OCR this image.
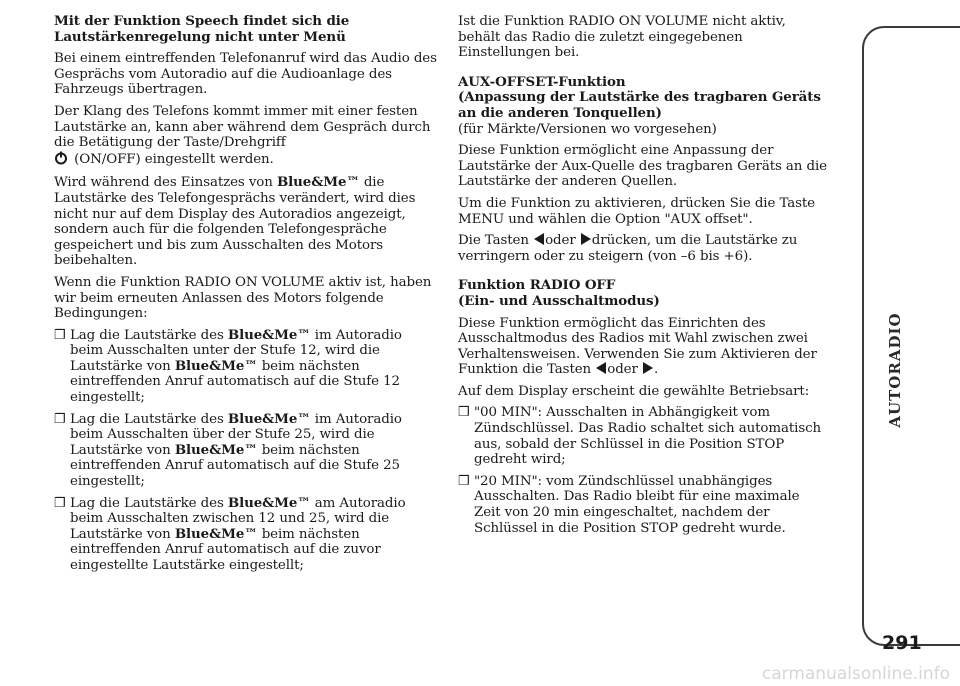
Mit der Funktion Speech findet sich die Lautstärkenregelung nicht unter Menü

Bei einem eintreffenden Telefonanruf wird das Audio des Gesprächs vom Autoradio auf die Audioanlage des Fahrzeugs übertragen.

Der Klang des Telefons kommt immer mit einer festen Lautstärke an, kann aber während dem Gespräch durch die Betätigung der Taste/Drehgriff
(ON/OFF) eingestellt werden.

Wird während des Einsatzes von Blue&Me™ die Lautstärke des Telefongesprächs verändert, wird dies nicht nur auf dem Display des Autoradios angezeigt, sondern auch für die folgenden Telefongespräche gespeichert und bis zum Ausschalten des Motors beibehalten.

Wenn die Funktion RADIO ON VOLUME aktiv ist, haben wir beim erneuten Anlassen des Motors folgende Bedingungen:

❒ Lag die Lautstärke des Blue&Me™ im Autoradio beim Ausschalten unter der Stufe 12, wird die Lautstärke von Blue&Me™ beim nächsten eintreffenden Anruf automatisch auf die Stufe 12 eingestellt;
❒ Lag die Lautstärke des Blue&Me™ im Autoradio beim Ausschalten über der Stufe 25, wird die Lautstärke von Blue&Me™ beim nächsten eintreffenden Anruf automatisch auf die Stufe 25 eingestellt;
❒ Lag die Lautstärke des Blue&Me™ am Autoradio beim Ausschalten zwischen 12 und 25, wird die Lautstärke von Blue&Me™ beim nächsten eintreffenden Anruf automatisch auf die zuvor eingestellte Lautstärke eingestellt;

Ist die Funktion RADIO ON VOLUME nicht aktiv, behält das Radio die zuletzt eingegebenen Einstellungen bei.

AUX-OFFSET-Funktion

(Anpassung der Lautstärke des tragbaren Geräts an die anderen Tonquellen)

(für Märkte/Versionen wo vorgesehen)

Diese Funktion ermöglicht eine Anpassung der Lautstärke der Aux-Quelle des tragbaren Geräts an die Lautstärke der anderen Quellen.

Um die Funktion zu aktivieren, drücken Sie die Taste MENU und wählen die Option "AUX offset".

Die Tasten oder drücken, um die Lautstärke zu verringern oder zu steigern (von –6 bis +6).

Funktion RADIO OFF

(Ein- und Ausschaltmodus)

Diese Funktion ermöglicht das Einrichten des Ausschaltmodus des Radios mit Wahl zwischen zwei Verhaltensweisen. Verwenden Sie zum Aktivieren der Funktion die Tasten oder .

Auf dem Display erscheint die gewählte Betriebsart:

❒ "00 MIN": Ausschalten in Abhängigkeit vom Zündschlüssel. Das Radio schaltet sich automatisch aus, sobald der Schlüssel in die Position STOP gedreht wird;
❒ "20 MIN": vom Zündschlüssel unabhängiges Ausschalten. Das Radio bleibt für eine maximale Zeit von 20 min eingeschaltet, nachdem der Schlüssel in die Position STOP gedreht wurde.
AUTORADIO
291
carmanualsonline.info
